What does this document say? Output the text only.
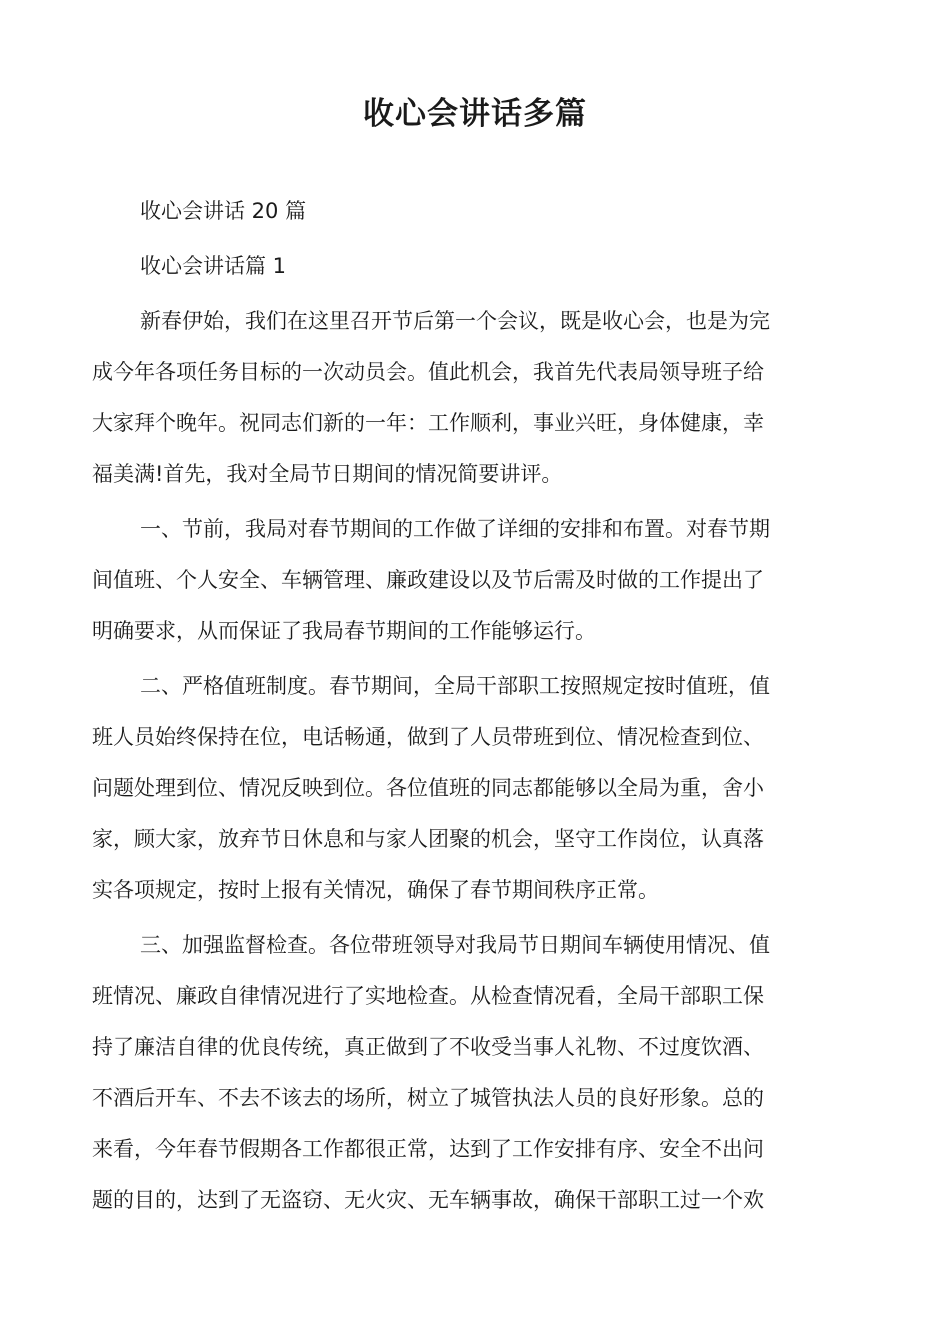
收心会讲话多篇
收心会讲话 20 篇
收心会讲话篇 1
新春伊始，我们在这里召开节后第一个会议，既是收心会，也是为完
成今年各项任务目标的一次动员会。值此机会，我首先代表局领导班子给
大家拜个晚年。祝同志们新的一年：工作顺利，事业兴旺，身体健康，幸
福美满!首先，我对全局节日期间的情况简要讲评。
一、节前，我局对春节期间的工作做了详细的安排和布置。对春节期
间值班、个人安全、车辆管理、廉政建设以及节后需及时做的工作提出了
明确要求，从而保证了我局春节期间的工作能够运行。
二、严格值班制度。春节期间，全局干部职工按照规定按时值班，值
班人员始终保持在位，电话畅通，做到了人员带班到位、情况检查到位、
问题处理到位、情况反映到位。各位值班的同志都能够以全局为重，舍小
家，顾大家，放弃节日休息和与家人团聚的机会，坚守工作岗位，认真落
实各项规定，按时上报有关情况，确保了春节期间秩序正常。
三、加强监督检查。各位带班领导对我局节日期间车辆使用情况、值
班情况、廉政自律情况进行了实地检查。从检查情况看，全局干部职工保
持了廉洁自律的优良传统，真正做到了不收受当事人礼物、不过度饮酒、
不酒后开车、不去不该去的场所，树立了城管执法人员的良好形象。总的
来看，今年春节假期各工作都很正常，达到了工作安排有序、安全不出问
题的目的，达到了无盗窃、无火灾、无车辆事故，确保干部职工过一个欢
